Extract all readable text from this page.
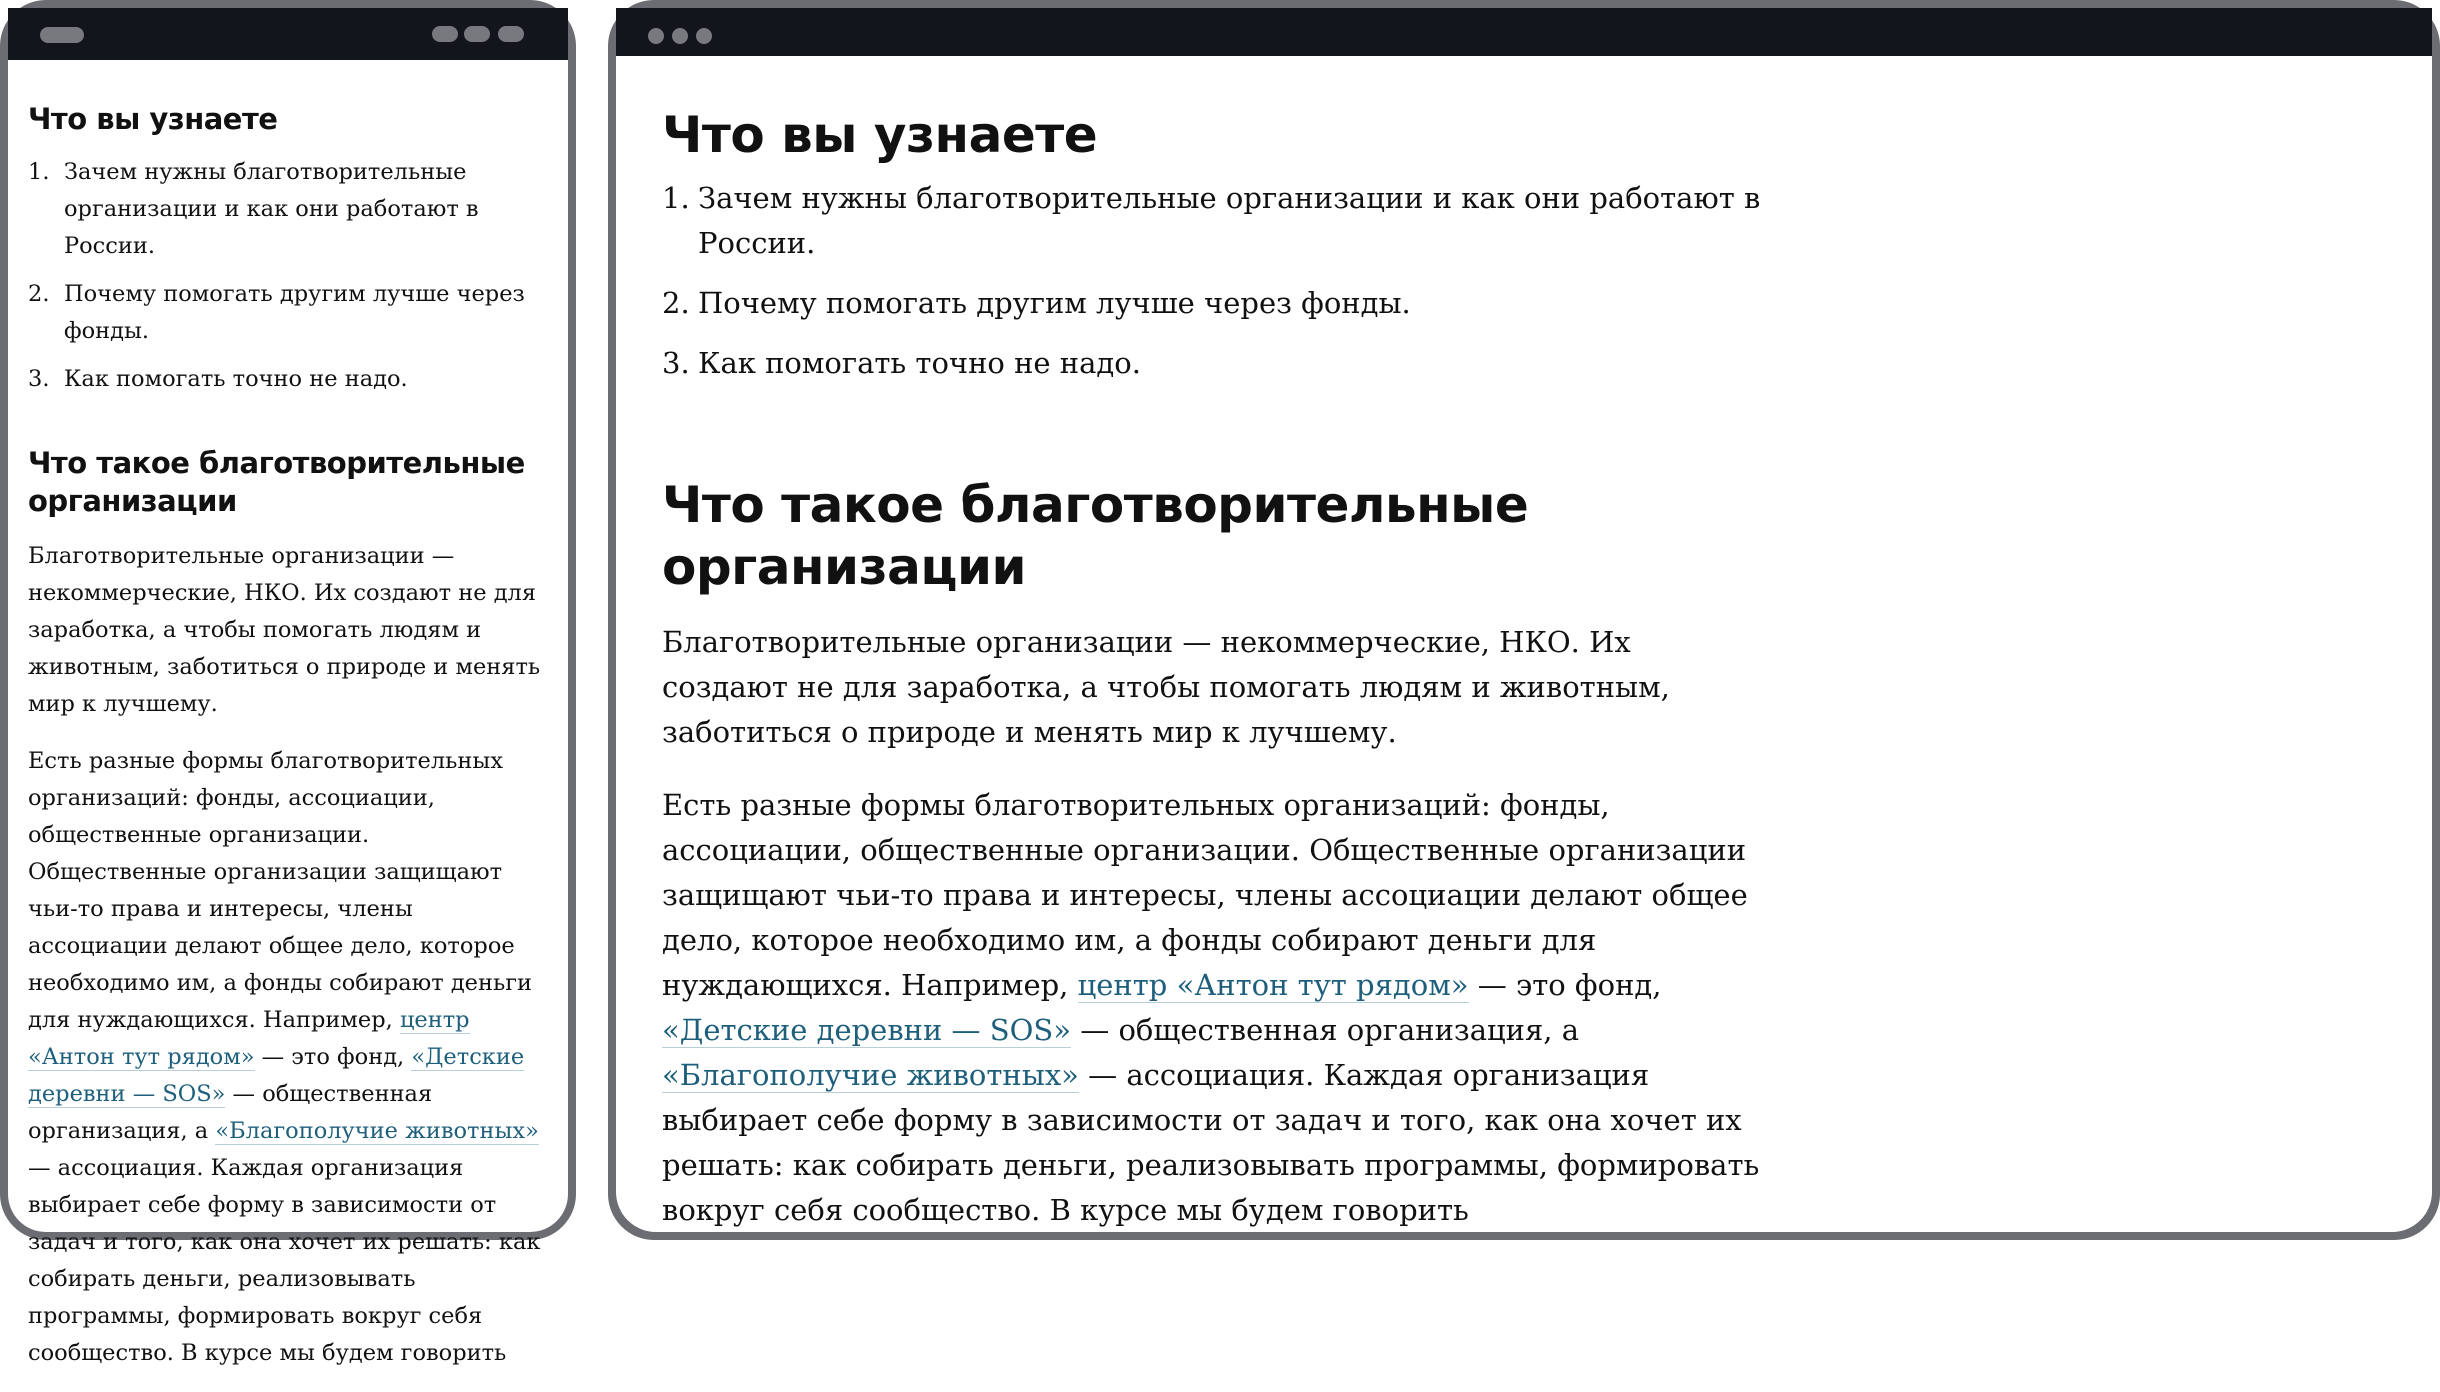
Что вы узнаете
1. Зачем нужны благотворительные организации и как они работают в России.
2. Почему помогать другим лучше через фонды.
3. Как помогать точно не надо.
Что такое благотворительные организации

Благотворительные организации — некоммерческие, НКО. Их создают не для заработка, а чтобы помогать людям и животным, заботиться о природе и менять мир к лучшему.

Есть разные формы благотворительных организаций: фонды, ассоциации, общественные организации. Общественные организации защищают чьи-то права и интересы, члены ассоциации делают общее дело, которое необходимо им, а фонды собирают деньги для нуждающихся. Например, центр «Антон тут рядом» — это фонд, «Детские деревни — SOS» — общественная организация, а «Благополучие животных» — ассоциация. Каждая организация выбирает себе форму в зависимости от задач и того, как она хочет их решать: как собирать деньги, реализовывать программы, формировать вокруг себя сообщество. В курсе мы будем говорить

Что вы узнаете
1. Зачем нужны благотворительные организации и как они работают в России.
2. Почему помогать другим лучше через фонды.
3. Как помогать точно не надо.
Что такое благотворительные организации

Благотворительные организации — некоммерческие, НКО. Их создают не для заработка, а чтобы помогать людям и животным, заботиться о природе и менять мир к лучшему.

Есть разные формы благотворительных организаций: фонды, ассоциации, общественные организации. Общественные организации защищают чьи-то права и интересы, члены ассоциации делают общее дело, которое необходимо им, а фонды собирают деньги для нуждающихся. Например, центр «Антон тут рядом» — это фонд, «Детские деревни — SOS» — общественная организация, а «Благополучие животных» — ассоциация. Каждая организация выбирает себе форму в зависимости от задач и того, как она хочет их решать: как собирать деньги, реализовывать программы, формировать вокруг себя сообщество. В курсе мы будем говорить
